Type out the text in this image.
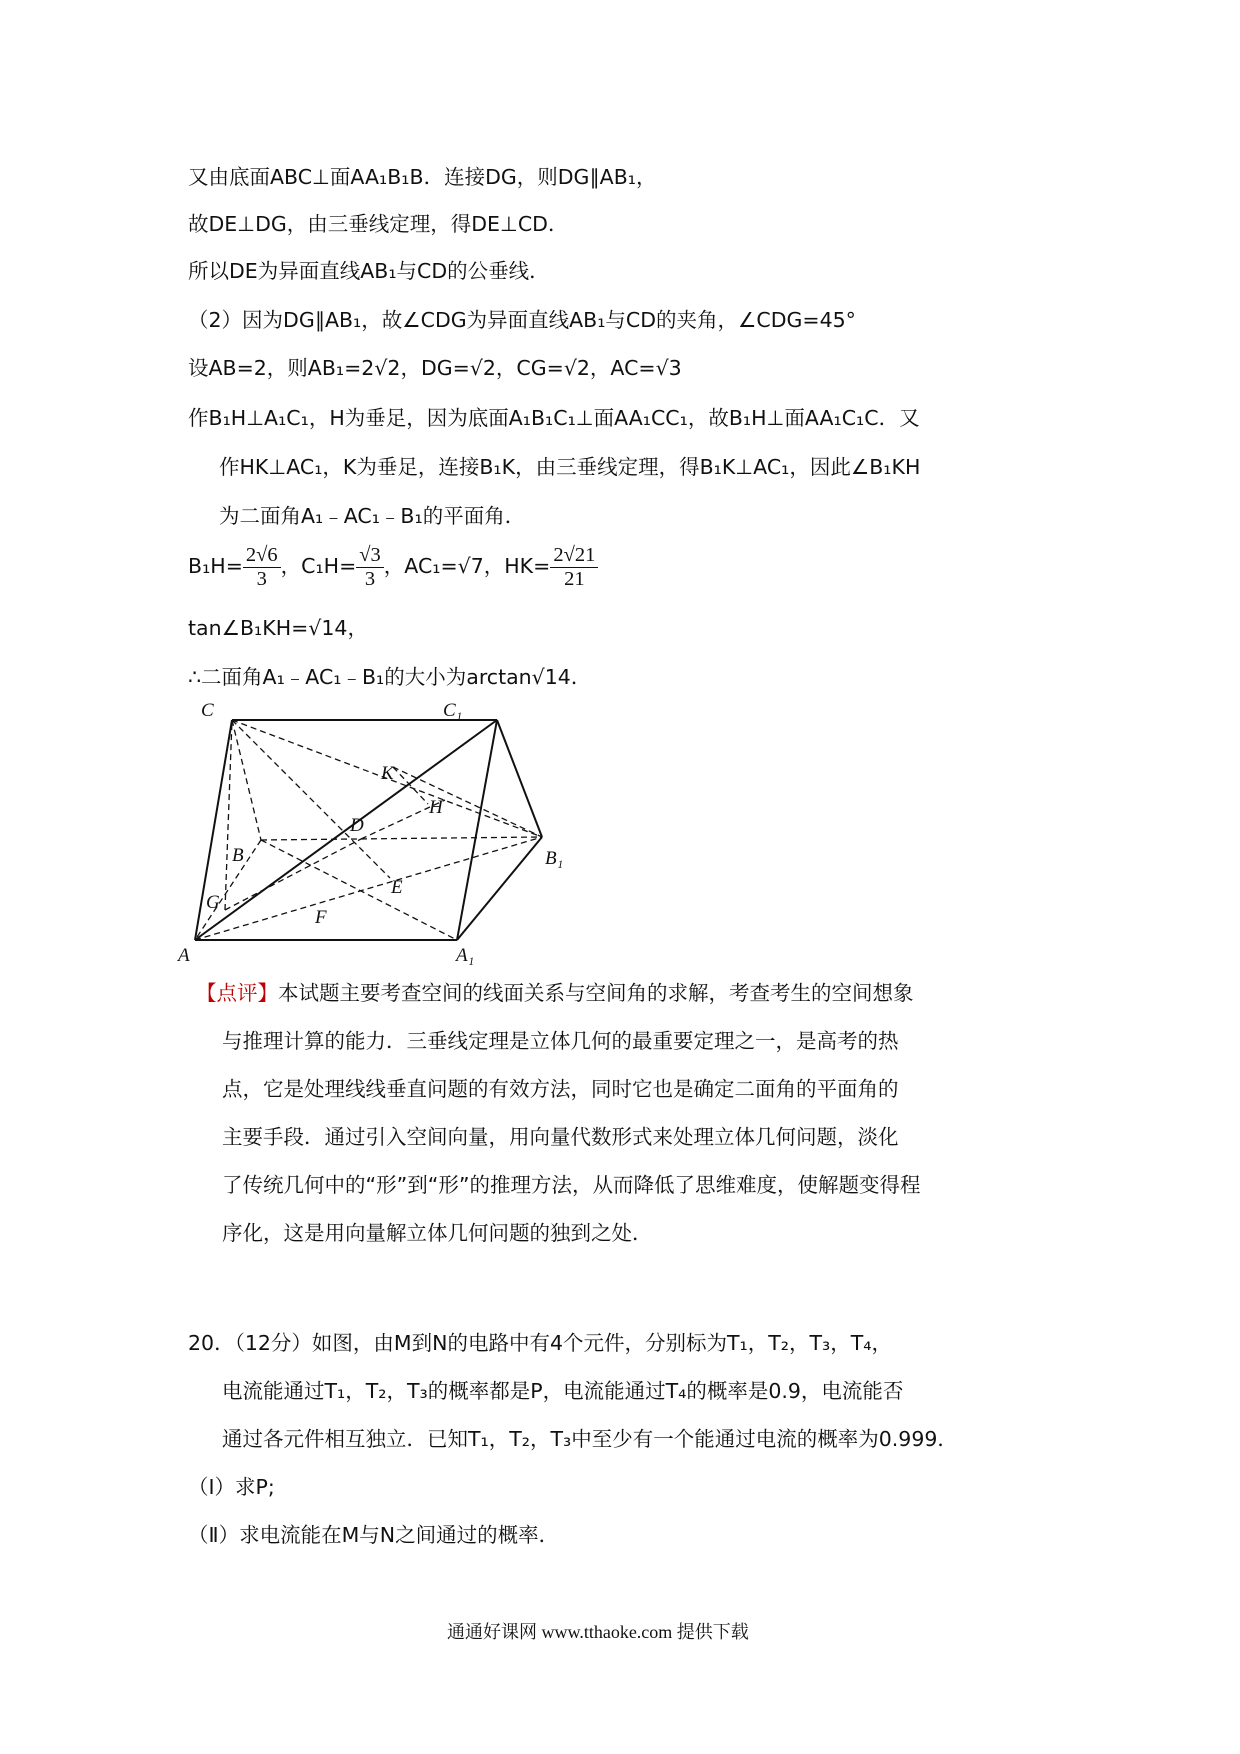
又由底面ABC⊥面AA₁B₁B．连接DG，则DG∥AB₁，
故DE⊥DG，由三垂线定理，得DE⊥CD．
所以DE为异面直线AB₁与CD的公垂线．
（2）因为DG∥AB₁，故∠CDG为异面直线AB₁与CD的夹角，∠CDG=45°
设AB=2，则AB₁=2√2，DG=√2，CG=√2，AC=√3
作B₁H⊥A₁C₁，H为垂足，因为底面A₁B₁C₁⊥面AA₁CC₁，故B₁H⊥面AA₁C₁C．又
作HK⊥AC₁，K为垂足，连接B₁K，由三垂线定理，得B₁K⊥AC₁，因此∠B₁KH
为二面角A₁﹣AC₁﹣B₁的平面角．
$B_1H= \frac{2√6}{3}$ ，$C_1H= \frac{√3}{3}$ ，AC₁=√7，$HK= \frac{2√21}{21}$
tan∠B₁KH=√14，
∴二面角A₁﹣AC₁﹣B₁的大小为arctan√14．
C	C₁
K
H
B
D
B₁
G
E
F
A	A₁
【点评】本试题主要考查空间的线面关系与空间角的求解，考查考生的空间想象
与推理计算的能力．三垂线定理是立体几何的最重要定理之一，是高考的热
点，它是处理线线垂直问题的有效方法，同时它也是确定二面角的平面角的
主要手段．通过引入空间向量，用向量代数形式来处理立体几何问题，淡化
了传统几何中的“形”到“形”的推理方法，从而降低了思维难度，使解题变得程
序化，这是用向量解立体几何问题的独到之处．
20．（12分）如图，由M到N的电路中有4个元件，分别标为T₁，T₂，T₃，T₄，
电流能通过T₁，T₂，T₃的概率都是P，电流能通过T₄的概率是0.9，电流能否
通过各元件相互独立．已知T₁，T₂，T₃中至少有一个能通过电流的概率为0.999．
（Ⅰ）求P;
（Ⅱ）求电流能在M与N之间通过的概率．
通通好课网 www.tthaoke.com 提供下载
